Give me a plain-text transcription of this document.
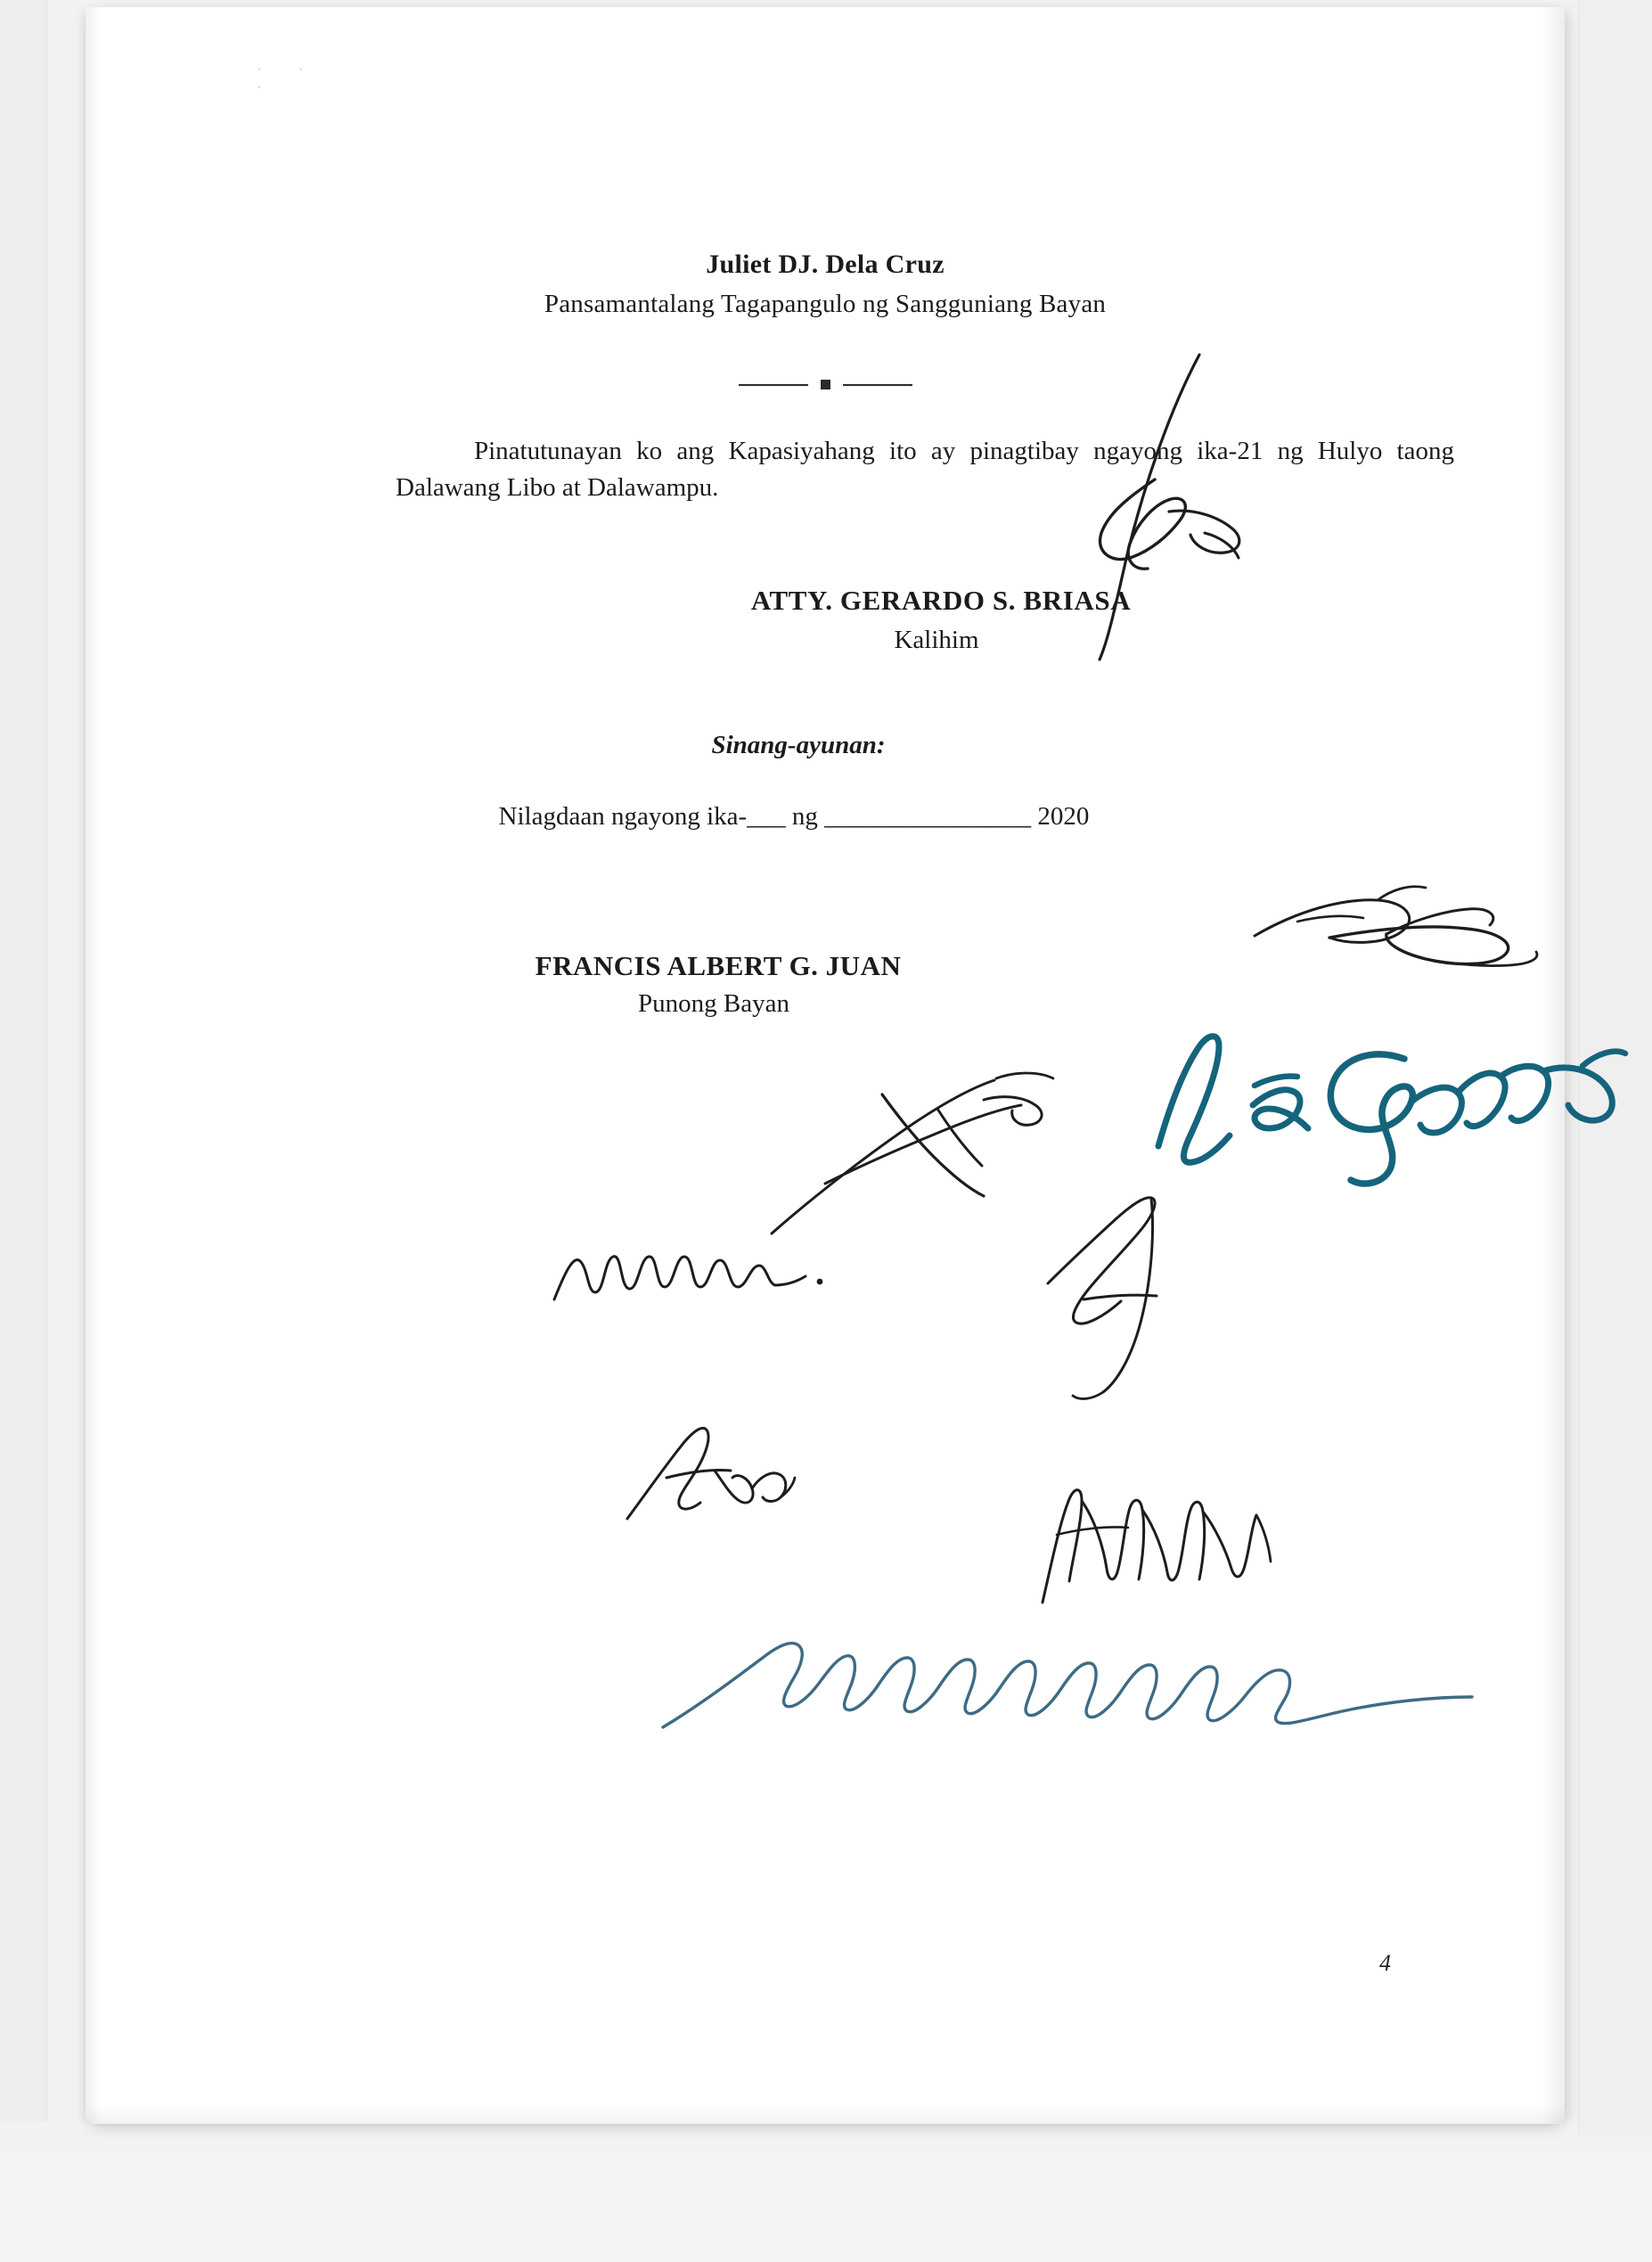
᛫ ᛫ ᛫
Juliet DJ. Dela Cruz
Pansamantalang Tagapangulo ng Sangguniang Bayan
Pinatutunayan ko ang Kapasiyahang ito ay pinagtibay ngayong ika-21 ng Hulyo taong Dalawang Libo at Dalawampu.
ATTY. GERARDO S. BRIASA
Kalihim
Sinang-ayunan:
Nilagdaan ngayong ika-___ ng ________________ 2020
FRANCIS ALBERT G. JUAN
Punong Bayan
4
